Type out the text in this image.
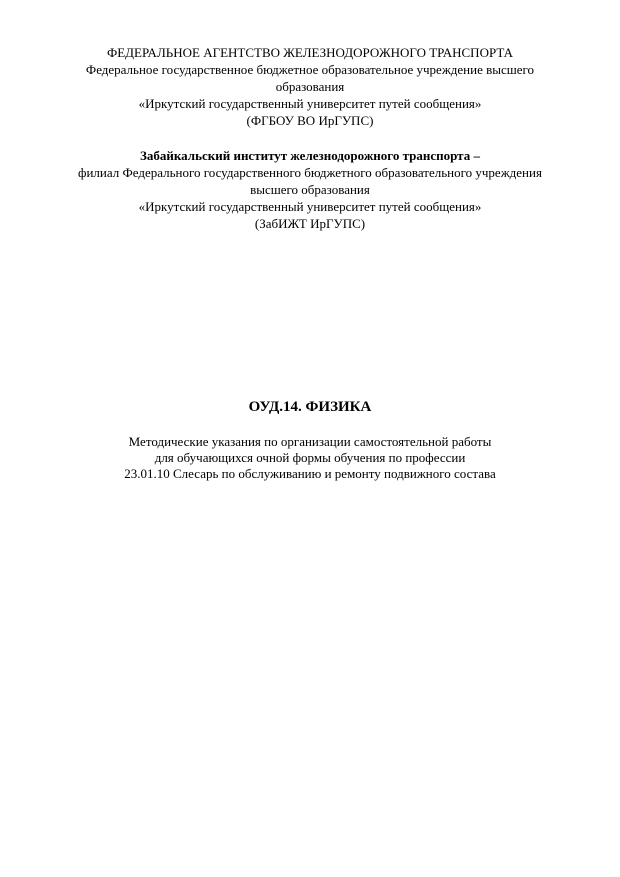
ФЕДЕРАЛЬНОЕ АГЕНТСТВО ЖЕЛЕЗНОДОРОЖНОГО ТРАНСПОРТА
Федеральное государственное бюджетное образовательное учреждение высшего
образования
«Иркутский государственный университет путей сообщения»
(ФГБОУ ВО ИрГУПС)
Забайкальский институт железнодорожного транспорта –
филиал Федерального государственного бюджетного образовательного учреждения
высшего образования
«Иркутский государственный университет путей сообщения»
(ЗабИЖТ ИрГУПС)
ОУД.14. ФИЗИКА
Методические указания по организации самостоятельной работы
для обучающихся очной формы обучения по профессии
23.01.10 Слесарь по обслуживанию и ремонту подвижного состава
